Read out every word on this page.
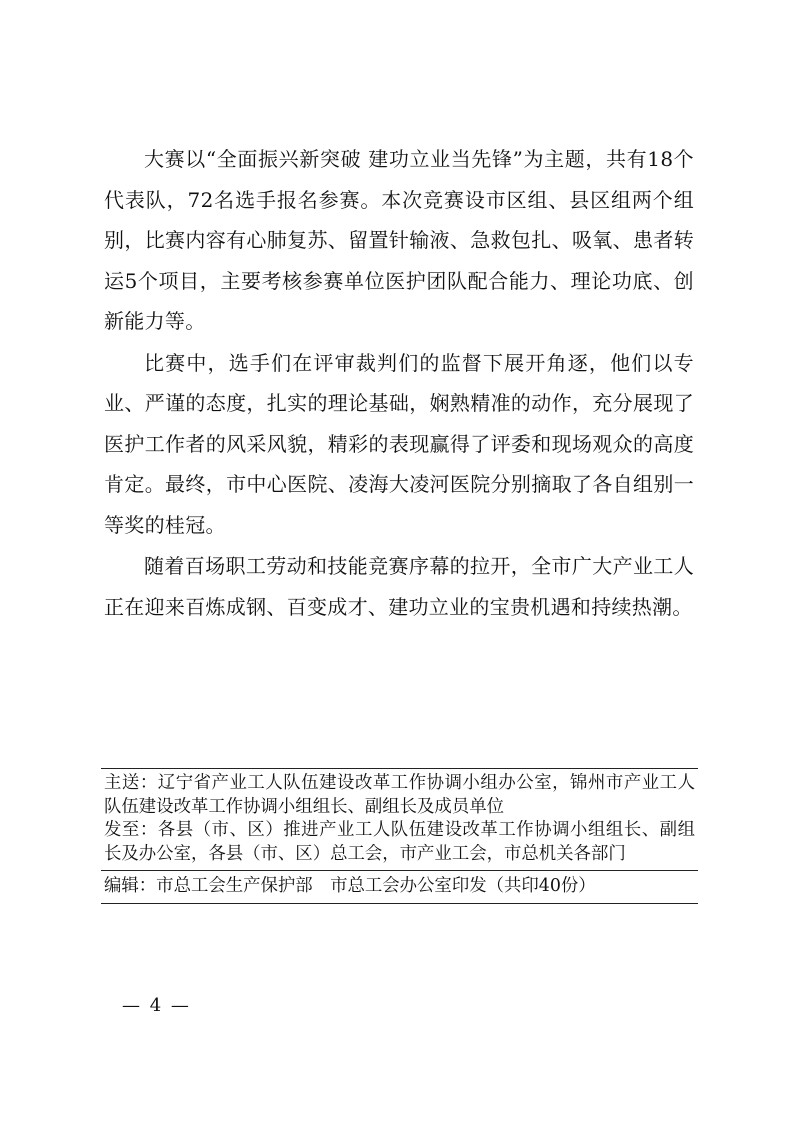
大赛以“全面振兴新突破 建功立业当先锋”为主题，共有18个代表队，72名选手报名参赛。本次竞赛设市区组、县区组两个组别，比赛内容有心肺复苏、留置针输液、急救包扎、吸氧、患者转运5个项目，主要考核参赛单位医护团队配合能力、理论功底、创新能力等。

比赛中，选手们在评审裁判们的监督下展开角逐，他们以专业、严谨的态度，扎实的理论基础，娴熟精准的动作，充分展现了医护工作者的风采风貌，精彩的表现赢得了评委和现场观众的高度肯定。最终，市中心医院、凌海大凌河医院分别摘取了各自组别一等奖的桂冠。

随着百场职工劳动和技能竞赛序幕的拉开，全市广大产业工人正在迎来百炼成钢、百变成才、建功立业的宝贵机遇和持续热潮。

主送：辽宁省产业工人队伍建设改革工作协调小组办公室，锦州市产业工人队伍建设改革工作协调小组组长、副组长及成员单位

发至：各县（市、区）推进产业工人队伍建设改革工作协调小组组长、副组长及办公室，各县（市、区）总工会，市产业工会，市总机关各部门

编辑：市总工会生产保护部　市总工会办公室印发（共印40份）

— 4 —
